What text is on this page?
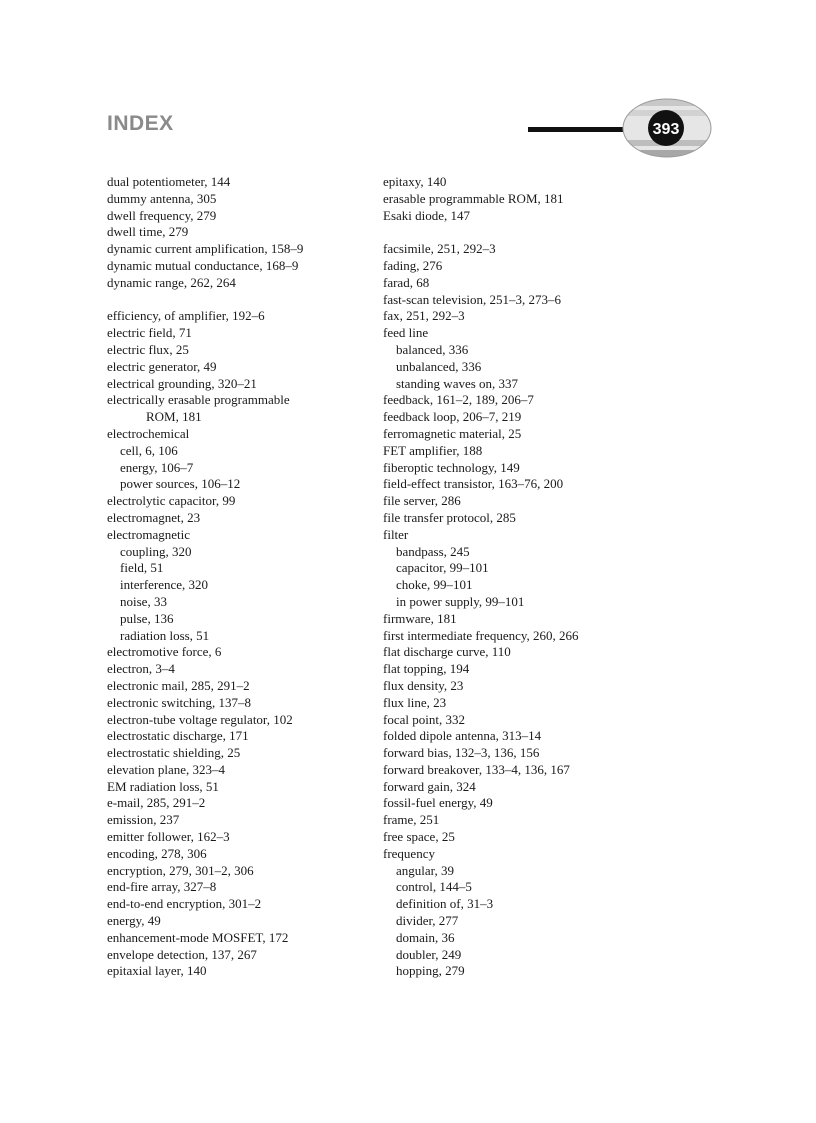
INDEX	393
dual potentiometer, 144
dummy antenna, 305
dwell frequency, 279
dwell time, 279
dynamic current amplification, 158–9
dynamic mutual conductance, 168–9
dynamic range, 262, 264
efficiency, of amplifier, 192–6
electric field, 71
electric flux, 25
electric generator, 49
electrical grounding, 320–21
electrically erasable programmable
ROM, 181
electrochemical
cell, 6, 106
energy, 106–7
power sources, 106–12
electrolytic capacitor, 99
electromagnet, 23
electromagnetic
coupling, 320
field, 51
interference, 320
noise, 33
pulse, 136
radiation loss, 51
electromotive force, 6
electron, 3–4
electronic mail, 285, 291–2
electronic switching, 137–8
electron-tube voltage regulator, 102
electrostatic discharge, 171
electrostatic shielding, 25
elevation plane, 323–4
EM radiation loss, 51
e-mail, 285, 291–2
emission, 237
emitter follower, 162–3
encoding, 278, 306
encryption, 279, 301–2, 306
end-fire array, 327–8
end-to-end encryption, 301–2
energy, 49
enhancement-mode MOSFET, 172
envelope detection, 137, 267
epitaxial layer, 140
epitaxy, 140
erasable programmable ROM, 181
Esaki diode, 147
facsimile, 251, 292–3
fading, 276
farad, 68
fast-scan television, 251–3, 273–6
fax, 251, 292–3
feed line
balanced, 336
unbalanced, 336
standing waves on, 337
feedback, 161–2, 189, 206–7
feedback loop, 206–7, 219
ferromagnetic material, 25
FET amplifier, 188
fiberoptic technology, 149
field-effect transistor, 163–76, 200
file server, 286
file transfer protocol, 285
filter
bandpass, 245
capacitor, 99–101
choke, 99–101
in power supply, 99–101
firmware, 181
first intermediate frequency, 260, 266
flat discharge curve, 110
flat topping, 194
flux density, 23
flux line, 23
focal point, 332
folded dipole antenna, 313–14
forward bias, 132–3, 136, 156
forward breakover, 133–4, 136, 167
forward gain, 324
fossil-fuel energy, 49
frame, 251
free space, 25
frequency
angular, 39
control, 144–5
definition of, 31–3
divider, 277
domain, 36
doubler, 249
hopping, 279
